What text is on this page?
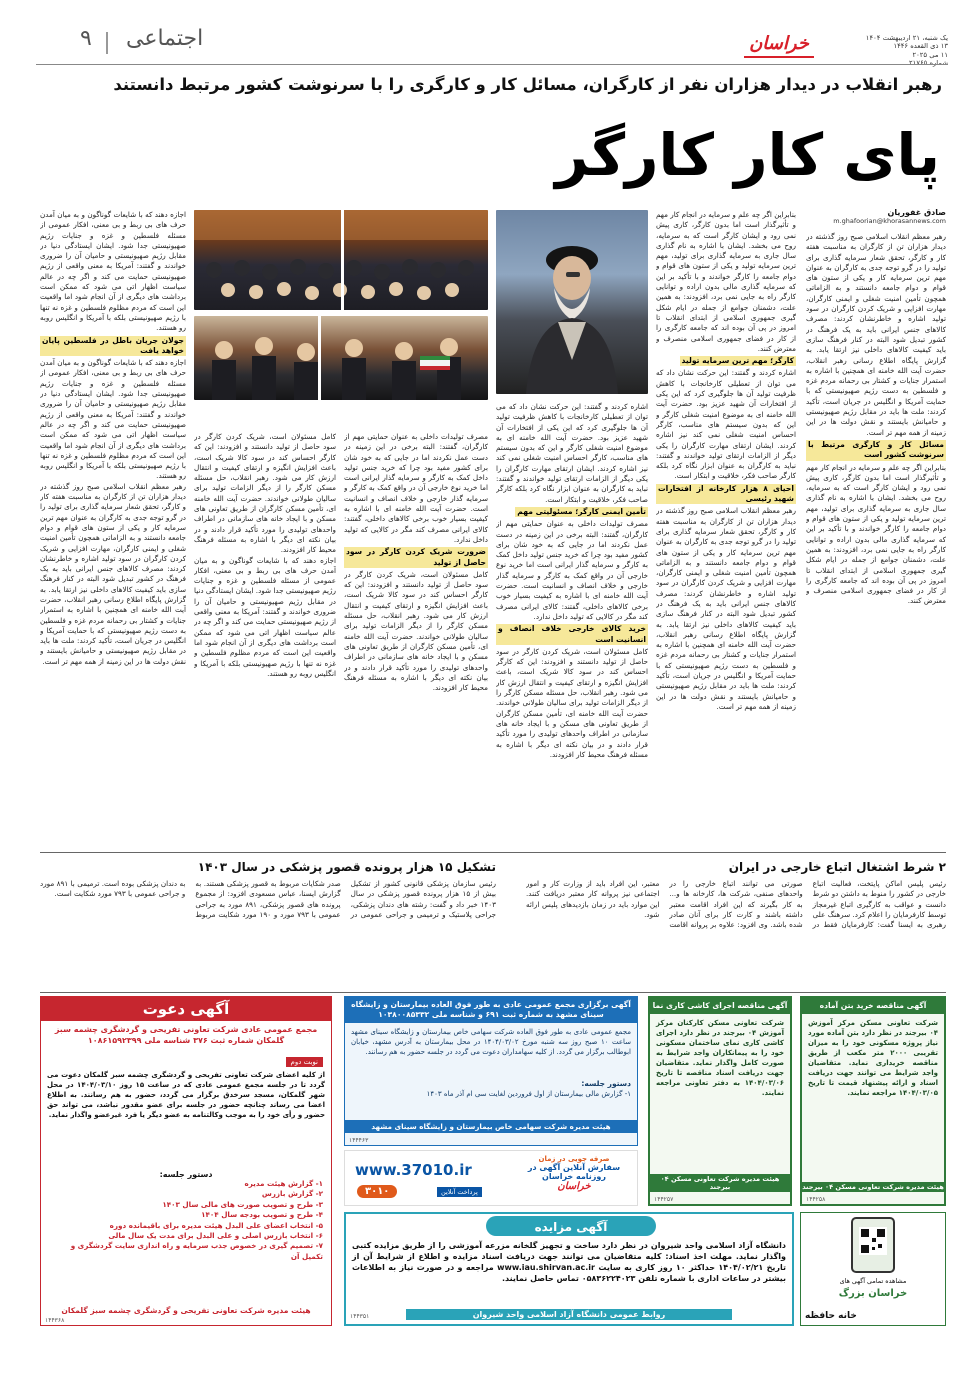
یک شنبه، ۲۱ اردیبهشت ۱۴۰۴
۱۳ ذی القعده ۱۴۴۶
۱۱ می ۲۰۲۵
خراسان
اجتماعی
۹
رهبر انقلاب در دیدار هزاران نفر از کارگران، مسائل کار و کارگری را با سرنوشت کشور مرتبط دانستند
پای کار کارگر
صادق غفوریان
m.ghafoorian@khorasannews.com
رهبر معظم انقلاب اسلامی صبح روز گذشته در دیدار هزاران تن از کارگران به مناسبت هفته کار و کارگر، تحقق شعار سرمایه گذاری برای تولید را در گرو توجه جدی به کارگران به عنوان مهم ترین سرمایه کار و یکی از ستون های قوام و دوام جامعه دانستند و به الزاماتی همچون تأمین امنیت شغلی و ایمنی کارگران، مهارت افزایی و شریک کردن کارگران در سود تولید اشاره و خاطرنشان کردند: مصرف کالاهای جنس ایرانی باید به یک فرهنگ در کشور تبدیل شود البته در کنار فرهنگ سازی باید کیفیت کالاهای داخلی نیز ارتقا یابد. به گزارش پایگاه اطلاع رسانی رهبر انقلاب، حضرت آیت الله خامنه ای همچنین با اشاره به استمرار جنایات و کشتار بی رحمانه مردم غزه و فلسطین به دست رژیم صهیونیستی که با حمایت آمریکا و انگلیس در جریان است، تأکید کردند: ملت ها باید در مقابل رژیم صهیونیستی و حامیانش بایستند و نقش دولت ها در این زمینه از همه مهم تر است.
مسائل کار و کارگری مرتبط با سرنوشت کشور است
بنابراین اگر چه علم و سرمایه در انجام کار مهم و تأثیرگذار است اما بدون کارگر، کاری پیش نمی رود و ایشان کارگر است که به سرمایه، روح می بخشد. ایشان با اشاره به نام گذاری سال جاری به سرمایه گذاری برای تولید، مهم ترین سرمایه تولید و یکی از ستون های قوام و دوام جامعه را کارگر خواندند و با تأکید بر این که سرمایه گذاری مالی بدون اراده و توانایی کارگر راه به جایی نمی برد، افزودند: به همین علت، دشمنان جوامع از جمله در ایام شکل گیری جمهوری اسلامی از ابتدای انقلاب تا امروز در پی آن بوده اند که جامعه کارگری را از کار در فضای جمهوری اسلامی منصرف و معترض کنند.
بنابراین اگر چه علم و سرمایه در انجام کار مهم و تأثیرگذار است اما بدون کارگر، کاری پیش نمی رود و ایشان کارگر است که به سرمایه، روح می بخشد. ایشان با اشاره به نام گذاری سال جاری به سرمایه گذاری برای تولید، مهم ترین سرمایه تولید و یکی از ستون های قوام و دوام جامعه را کارگر خواندند و با تأکید بر این که سرمایه گذاری مالی بدون اراده و توانایی کارگر راه به جایی نمی برد، افزودند: به همین علت، دشمنان جوامع از جمله در ایام شکل گیری جمهوری اسلامی از ابتدای انقلاب تا امروز در پی آن بوده اند که جامعه کارگری را از کار در فضای جمهوری اسلامی منصرف و معترض کنند.
کارگر؛ مهم ترین سرمایه تولید
اشاره کردند و گفتند: این حرکت نشان داد که می توان از تعطیلی کارخانجات با کاهش ظرفیت تولید آن ها جلوگیری کرد که این یکی از افتخارات آن شهید عزیز بود. حضرت آیت الله خامنه ای به موضوع امنیت شغلی کارگر و این که بدون سیستم های مناسب، کارگر احساس امنیت شغلی نمی کند نیز اشاره کردند. ایشان ارتقای مهارت کارگران را یکی دیگر از الزامات ارتقای تولید خواندند و گفتند: نباید به کارگران به عنوان ابزار نگاه کرد بلکه کارگر صاحب فکر، خلاقیت و ابتکار است.
احیای ۸ هزار کارخانه از افتخارات شهید رئیسی
رهبر معظم انقلاب اسلامی صبح روز گذشته در دیدار هزاران تن از کارگران به مناسبت هفته کار و کارگر، تحقق شعار سرمایه گذاری برای تولید را در گرو توجه جدی به کارگران به عنوان مهم ترین سرمایه کار و یکی از ستون های قوام و دوام جامعه دانستند و به الزاماتی همچون تأمین امنیت شغلی و ایمنی کارگران، مهارت افزایی و شریک کردن کارگران در سود تولید اشاره و خاطرنشان کردند: مصرف کالاهای جنس ایرانی باید به یک فرهنگ در کشور تبدیل شود البته در کنار فرهنگ سازی باید کیفیت کالاهای داخلی نیز ارتقا یابد. به گزارش پایگاه اطلاع رسانی رهبر انقلاب، حضرت آیت الله خامنه ای همچنین با اشاره به استمرار جنایات و کشتار بی رحمانه مردم غزه و فلسطین به دست رژیم صهیونیستی که با حمایت آمریکا و انگلیس در جریان است، تأکید کردند: ملت ها باید در مقابل رژیم صهیونیستی و حامیانش بایستند و نقش دولت ها در این زمینه از همه مهم تر است.
اشاره کردند و گفتند: این حرکت نشان داد که می توان از تعطیلی کارخانجات با کاهش ظرفیت تولید آن ها جلوگیری کرد که این یکی از افتخارات آن شهید عزیز بود. حضرت آیت الله خامنه ای به موضوع امنیت شغلی کارگر و این که بدون سیستم های مناسب، کارگر احساس امنیت شغلی نمی کند نیز اشاره کردند. ایشان ارتقای مهارت کارگران را یکی دیگر از الزامات ارتقای تولید خواندند و گفتند: نباید به کارگران به عنوان ابزار نگاه کرد بلکه کارگر صاحب فکر، خلاقیت و ابتکار است.
تأمین ایمنی کارگر؛ مسئولیتی مهم
مصرف تولیدات داخلی به عنوان حمایتی مهم از کارگران، گفتند: البته برخی در این زمینه در دست عمل نکردند اما در جایی که به خود شان برای کشور مفید بود چرا که خرید جنس تولید داخل کمک به کارگر و سرمایه گذار ایرانی است اما خرید نوع خارجی آن در واقع کمک به کارگر و سرمایه گذار خارجی و خلاف انصاف و انسانیت است. حضرت آیت الله خامنه ای با اشاره به کیفیت بسیار خوب برخی کالاهای داخلی، گفتند: کالای ایرانی مصرف کند مگر در کالایی که تولید داخل ندارد.
خرید کالای خارجی خلاف انصاف و انسانیت است
کامل مسئولان است، شریک کردن کارگر در سود حاصل از تولید دانستند و افزودند: این که کارگر احساس کند در سود کالا شریک است، باعث افزایش انگیزه و ارتقای کیفیت و انتقال ارزش کار می شود. رهبر انقلاب، حل مسئله مسکن کارگر را از دیگر الزامات تولید برای سالیان طولانی خواندند. حضرت آیت الله خامنه ای، تأمین مسکن کارگران از طریق تعاونی های مسکن و با ایجاد خانه های سازمانی در اطراف واحدهای تولیدی را مورد تأکید قرار دادند و در بیان نکته ای دیگر با اشاره به مسئله فرهنگ محیط کار افزودند.
مصرف تولیدات داخلی به عنوان حمایتی مهم از کارگران، گفتند: البته برخی در این زمینه در دست عمل نکردند اما در جایی که به خود شان برای کشور مفید بود چرا که خرید جنس تولید داخل کمک به کارگر و سرمایه گذار ایرانی است اما خرید نوع خارجی آن در واقع کمک به کارگر و سرمایه گذار خارجی و خلاف انصاف و انسانیت است. حضرت آیت الله خامنه ای با اشاره به کیفیت بسیار خوب برخی کالاهای داخلی، گفتند: کالای ایرانی مصرف کند مگر در کالایی که تولید داخل ندارد.
ضرورت شریک کردن کارگر در سود حاصل از تولید
کامل مسئولان است، شریک کردن کارگر در سود حاصل از تولید دانستند و افزودند: این که کارگر احساس کند در سود کالا شریک است، باعث افزایش انگیزه و ارتقای کیفیت و انتقال ارزش کار می شود. رهبر انقلاب، حل مسئله مسکن کارگر را از دیگر الزامات تولید برای سالیان طولانی خواندند. حضرت آیت الله خامنه ای، تأمین مسکن کارگران از طریق تعاونی های مسکن و با ایجاد خانه های سازمانی در اطراف واحدهای تولیدی را مورد تأکید قرار دادند و در بیان نکته ای دیگر با اشاره به مسئله فرهنگ محیط کار افزودند.
کامل مسئولان است، شریک کردن کارگر در سود حاصل از تولید دانستند و افزودند: این که کارگر احساس کند در سود کالا شریک است، باعث افزایش انگیزه و ارتقای کیفیت و انتقال ارزش کار می شود. رهبر انقلاب، حل مسئله مسکن کارگر را از دیگر الزامات تولید برای سالیان طولانی خواندند. حضرت آیت الله خامنه ای، تأمین مسکن کارگران از طریق تعاونی های مسکن و با ایجاد خانه های سازمانی در اطراف واحدهای تولیدی را مورد تأکید قرار دادند و در بیان نکته ای دیگر با اشاره به مسئله فرهنگ محیط کار افزودند.
اجازه دهند که با شایعات گوناگون و به میان آمدن حرف های بی ربط و بی معنی، افکار عمومی از مسئله فلسطین و غزه و جنایات رژیم صهیونیستی جدا شود. ایشان ایستادگی دنیا در مقابل رژیم صهیونیستی و حامیان آن را ضروری خواندند و گفتند: آمریکا به معنی واقعی از رژیم صهیونیستی حمایت می کند و اگر چه در عالم سیاست اظهار اتی می شود که ممکن است برداشت های دیگری از آن انجام شود اما واقعیت این است که مردم مظلوم فلسطین و غزه نه تنها با رژیم صهیونیستی بلکه با آمریکا و انگلیس روبه رو هستند.
اجازه دهند که با شایعات گوناگون و به میان آمدن حرف های بی ربط و بی معنی، افکار عمومی از مسئله فلسطین و غزه و جنایات رژیم صهیونیستی جدا شود. ایشان ایستادگی دنیا در مقابل رژیم صهیونیستی و حامیان آن را ضروری خواندند و گفتند: آمریکا به معنی واقعی از رژیم صهیونیستی حمایت می کند و اگر چه در عالم سیاست اظهار اتی می شود که ممکن است برداشت های دیگری از آن انجام شود اما واقعیت این است که مردم مظلوم فلسطین و غزه نه تنها با رژیم صهیونیستی بلکه با آمریکا و انگلیس روبه رو هستند.
جولان جریان باطل در فلسطین پایان خواهد یافت
اجازه دهند که با شایعات گوناگون و به میان آمدن حرف های بی ربط و بی معنی، افکار عمومی از مسئله فلسطین و غزه و جنایات رژیم صهیونیستی جدا شود. ایشان ایستادگی دنیا در مقابل رژیم صهیونیستی و حامیان آن را ضروری خواندند و گفتند: آمریکا به معنی واقعی از رژیم صهیونیستی حمایت می کند و اگر چه در عالم سیاست اظهار اتی می شود که ممکن است برداشت های دیگری از آن انجام شود اما واقعیت این است که مردم مظلوم فلسطین و غزه نه تنها با رژیم صهیونیستی بلکه با آمریکا و انگلیس روبه رو هستند.
رهبر معظم انقلاب اسلامی صبح روز گذشته در دیدار هزاران تن از کارگران به مناسبت هفته کار و کارگر، تحقق شعار سرمایه گذاری برای تولید را در گرو توجه جدی به کارگران به عنوان مهم ترین سرمایه کار و یکی از ستون های قوام و دوام جامعه دانستند و به الزاماتی همچون تأمین امنیت شغلی و ایمنی کارگران، مهارت افزایی و شریک کردن کارگران در سود تولید اشاره و خاطرنشان کردند: مصرف کالاهای جنس ایرانی باید به یک فرهنگ در کشور تبدیل شود البته در کنار فرهنگ سازی باید کیفیت کالاهای داخلی نیز ارتقا یابد. به گزارش پایگاه اطلاع رسانی رهبر انقلاب، حضرت آیت الله خامنه ای همچنین با اشاره به استمرار جنایات و کشتار بی رحمانه مردم غزه و فلسطین به دست رژیم صهیونیستی که با حمایت آمریکا و انگلیس در جریان است، تأکید کردند: ملت ها باید در مقابل رژیم صهیونیستی و حامیانش بایستند و نقش دولت ها در این زمینه از همه مهم تر است.
۲ شرط اشتغال اتباع خارجی در ایران
رئیس پلیس اماکن پایتخت، فعالیت اتباع خارجی در کشور را منوط به داشتن دو شرط دانست و عواقب به کارگیری اتباع غیرمجاز توسط کارفرمایان را اعلام کرد. سرهنگ علی رهبری به ایسنا گفت: کارفرمایان فقط در صورتی می توانند اتباع خارجی را در واحدهای صنفی، شرکت ها، کارخانه ها و... به کار بگیرند که این افراد اقامت معتبر داشته باشند و کارت کار برای آنان صادر شده باشد. وی افزود: علاوه بر پروانه اقامت معتبر، این افراد باید از وزارت کار و امور اجتماعی نیز پروانه کار معتبر دریافت کنند. این موارد باید در زمان بازدیدهای پلیس ارائه شود.
تشکیل ۱۵ هزار پرونده قصور پزشکی در سال ۱۴۰۳
رئیس سازمان پزشکی قانونی کشور از تشکیل بیش از ۱۵ هزار پرونده قصور پزشکی در سال ۱۴۰۳ خبر داد و گفت: رشته های دندان پزشکی، جراحی پلاستیک و ترمیمی و جراحی عمومی در صدر شکایات مربوط به قصور پزشکی هستند. به گزارش ایسنا، عباس مسعودی افزود: از مجموع پرونده های قصور پزشکی، ۸۹۱ مورد به جراحی عمومی با ۷۹۳ مورد و ۱۹۰ مورد شکایت مربوط به دندان پزشکی بوده است. ترمیمی با ۸۹۱ مورد و جراحی عمومی با ۷۹۳ مورد شکایت است.
آگهی دعوت
مجمع عمومی عادی شرکت تعاونی تفریحی و گردشگری چشمه سبز گلمکان شماره ثبت ۳۷۶ شناسه ملی ۱۰۸۶۱۵۹۲۳۹۹
نوبت دوم
از کلیه اعضای شرکت تعاونی تفریحی و گردشگری چشمه سبز گلمکان دعوت می گردد تا در جلسه مجمع عمومی عادی که در ساعت ۱۵ روز ۱۴۰۴/۰۳/۱۰ در محل شهر گلمکان، مسجد سرخدق برگزار می گردد، حضور به هم رسانند. به اطلاع اعضا می رساند چنانچه حضور در جلسه برای عضو مقدور نباشد، می تواند حق حضور و رأی خود را به موجب وکالتنامه به عضو دیگر یا فرد غیرعضو واگذار نماید.
دستور جلسه:
۱- گزارش هیئت مدیره
۲- گزارش بازرس
۳- طرح و تصویب صورت های مالی سال ۱۴۰۳
۴- طرح و تصویب بودجه سال ۱۴۰۴
۵- انتخاب اعضای علی البدل هیئت مدیره برای باقیمانده دوره
۶- انتخاب بازرس اصلی و علی البدل برای مدت یک سال مالی
۷- تصمیم گیری در خصوص جذب سرمایه و راه اندازی سایت گردشگری و تکمیل آن
هیئت مدیره شرکت تعاونی تفریحی و گردشگری چشمه سبز گلمکان
۱۴۴۳۶۸
آگهی برگزاری مجمع عمومی عادی به طور فوق العاده بیمارستان و زایشگاه سینای مشهد به شماره ثبت ۶۹۱ و شناسه ملی ۱۰۳۸۰۰۸۵۳۳۲
مجمع عمومی عادی به طور فوق العاده شرکت سهامی خاص بیمارستان و زایشگاه سینای مشهد ساعت ۱۰ صبح روز سه شنبه مورخ ۱۴۰۴/۰۳/۰۲ در محل بیمارستان به آدرس مشهد، خیابان ابوطالب برگزار می گردد. از کلیه سهامداران دعوت می گردد در جلسه حضور به هم رسانند.
دستور جلسه:
۱- گزارش مالی بیمارستان از اول فروردین لغایت سی ام آذر ماه ۱۴۰۳
هیئت مدیره شرکت سهامی خاص بیمارستان و زایشگاه سینای مشهد
۱۴۴۴۶۳
www.37010.ir
۳۰۱۰	پرداخت آنلاین
صرفه جویی در زمان
سفارش آنلاین آگهی در
روزنامه خراسان
خراسان
آگهی مناقصه اجرای کاشی کاری نما
شرکت تعاونی مسکن کارکنان مرکز آموزش ۰۴ بیرجند در نظر دارد اجرای کاشی کاری نمای ساختمان مسکونی خود را به پیمانکاران واجد شرایط به صورت کامل واگذار نماید. متقاضیان جهت دریافت اسناد مناقصه تا تاریخ ۱۴۰۴/۰۳/۰۶ به دفتر تعاونی مراجعه نمایند.
هیئت مدیره شرکت تعاونی مسکن ۰۴ بیرجند
۱۴۴۲۵۷
آگهی مناقصه خرید بتن آماده
شرکت تعاونی مسکن مرکز آموزش ۰۴ بیرجند در نظر دارد بتن آماده مورد نیاز پروژه مسکونی خود را به میزان تقریبی ۲۰۰۰ متر مکعب از طریق مناقصه خریداری نماید. متقاضیان واجد شرایط می توانند جهت دریافت اسناد و ارائه پیشنهاد قیمت تا تاریخ ۱۴۰۴/۰۳/۰۵ مراجعه نمایند.
هیئت مدیره شرکت تعاونی مسکن ۰۴ بیرجند
۱۴۴۲۵۸
آگهی مزایده
دانشگاه آزاد اسلامی واحد شیروان در نظر دارد ساخت و تجهیز گلخانه مزرعه آموزشی را از طریق مزایده کتبی واگذار نماید. مهلت اخذ اسناد: کلیه متقاضیان می توانند جهت دریافت اسناد مزایده و اطلاع از شرایط آن از تاریخ ۱۴۰۴/۰۲/۲۱ حداکثر ۱۰ روز کاری به سایت www.iau.shirvan.ac.ir مراجعه و در صورت نیاز به اطلاعات بیشتر در ساعات اداری با شماره تلفن ۰۵۸۳۶۲۲۴۰۲۳ تماس حاصل نمایند.
روابط عمومی دانشگاه آزاد اسلامی واحد شیروان
۱۴۴۳۵۱
مشاهده تمامی آگهی های
خراسان بزرگ
خانه حافظه
